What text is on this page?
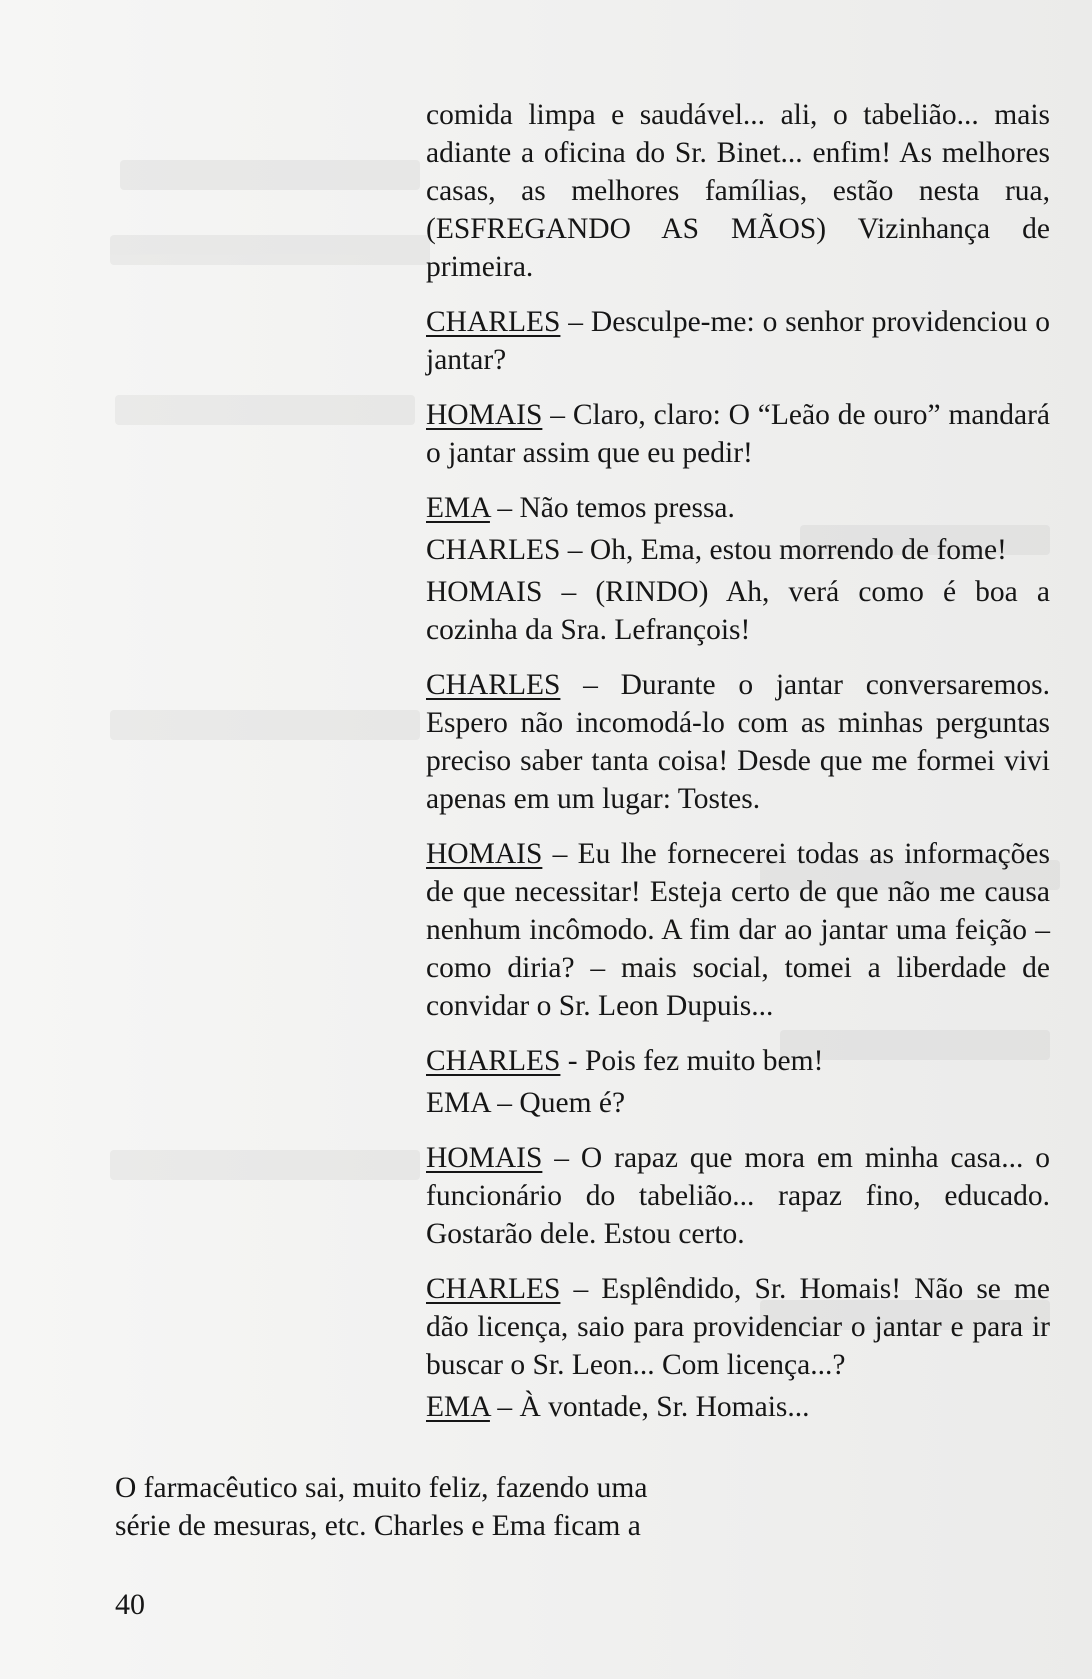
comida limpa e saudável... ali, o tabelião... mais adiante a oficina do Sr. Binet... enfim! As melhores casas, as melhores famílias, estão nesta rua, (ESFREGANDO AS MÃOS) Vizinhança de primeira.

CHARLES – Desculpe-me: o senhor providenciou o jantar?

HOMAIS – Claro, claro: O “Leão de ouro” mandará o jantar assim que eu pedir!

EMA – Não temos pressa.

CHARLES – Oh, Ema, estou morrendo de fome!

HOMAIS – (RINDO) Ah, verá como é boa a cozinha da Sra. Lefrançois!

CHARLES – Durante o jantar conversaremos. Espero não incomodá-lo com as minhas perguntas preciso saber tanta coisa! Desde que me formei vivi apenas em um lugar: Tostes.

HOMAIS – Eu lhe fornecerei todas as informações de que necessitar! Esteja certo de que não me causa nenhum incômodo. A fim dar ao jantar uma feição – como diria? – mais social, tomei a liberdade de convidar o Sr. Leon Dupuis...

CHARLES - Pois fez muito bem!

EMA – Quem é?

HOMAIS – O rapaz que mora em minha casa... o funcionário do tabelião... rapaz fino, educado. Gostarão dele. Estou certo.

CHARLES – Esplêndido, Sr. Homais! Não se me dão licença, saio para providenciar o jantar e para ir buscar o Sr. Leon... Com licença...?

EMA – À vontade, Sr. Homais...

O farmacêutico sai, muito feliz, fazendo uma
série de mesuras, etc. Charles e Ema ficam a
40
